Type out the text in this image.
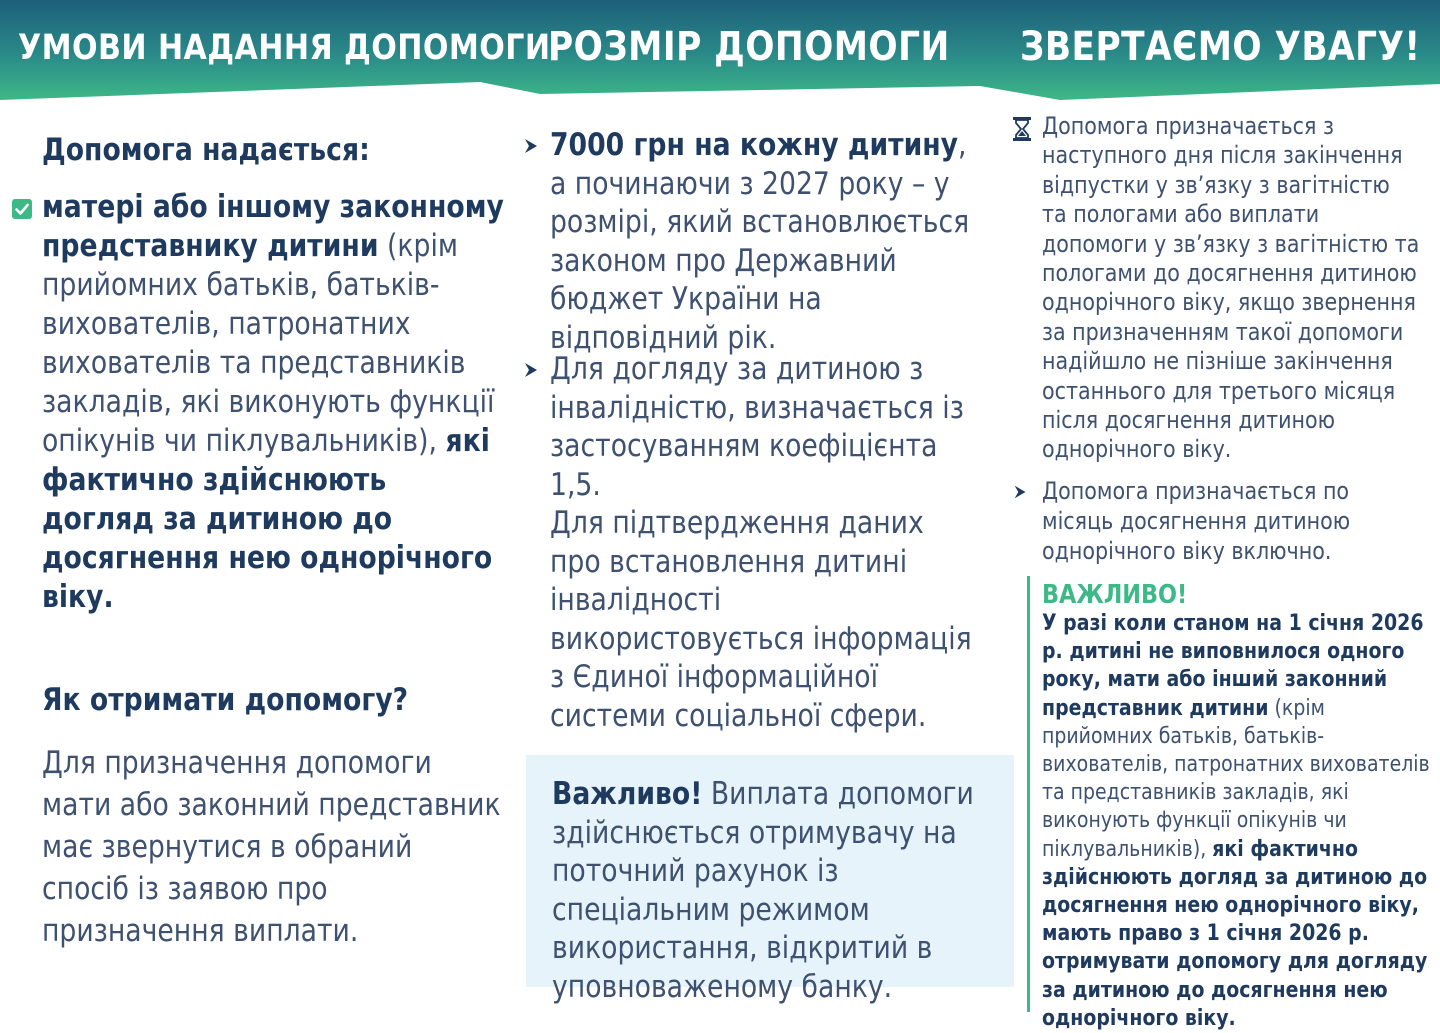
УМОВИ НАДАННЯ ДОПОМОГИ
РОЗМІР ДОПОМОГИ ЗВЕРТАЄМО УВАГУ!
Допомога надається:
матері або іншому законному представнику дитини (крім прийомних батьків, батьків-вихователів, патронатних вихователів та представників закладів, які виконують функції опікунів чи піклувальників), які фактично здійснюють догляд за дитиною до досягнення нею однорічного віку.
Як отримати допомогу?
Для призначення допомоги мати або законний представник має звернутися в обраний спосіб із заявою про призначення виплати.
7000 грн на кожну дитину, а починаючи з 2027 року – у розмірі, який встановлюється законом про Державний бюджет України на відповідний рік.
Для догляду за дитиною з інвалідністю, визначається із застосуванням коефіцієнта 1,5.
Для підтвердження даних про встановлення дитині інвалідності використовується інформація з Єдиної інформаційної системи соціальної сфери.
Важливо! Виплата допомоги здійснюється отримувачу на поточний рахунок із спеціальним режимом використання, відкритий в уповноваженому банку.
Допомога призначається з наступного дня після закінчення відпустки у зв’язку з вагітністю та пологами або виплати допомоги у зв’язку з вагітністю та пологами до досягнення дитиною однорічного віку, якщо звернення за призначенням такої допомоги надійшло не пізніше закінчення останнього для третього місяця після досягнення дитиною однорічного віку.
Допомога призначається по місяць досягнення дитиною однорічного віку включно.
ВАЖЛИВО!
У разі коли станом на 1 січня 2026 р. дитині не виповнилося одного року, мати або інший законний представник дитини (крім прийомних батьків, батьків-вихователів, патронатних вихователів та представників закладів, які виконують функції опікунів чи піклувальників), які фактично здійснюють догляд за дитиною до досягнення нею однорічного віку, мають право з 1 січня 2026 р. отримувати допомогу для догляду за дитиною до досягнення нею однорічного віку.
